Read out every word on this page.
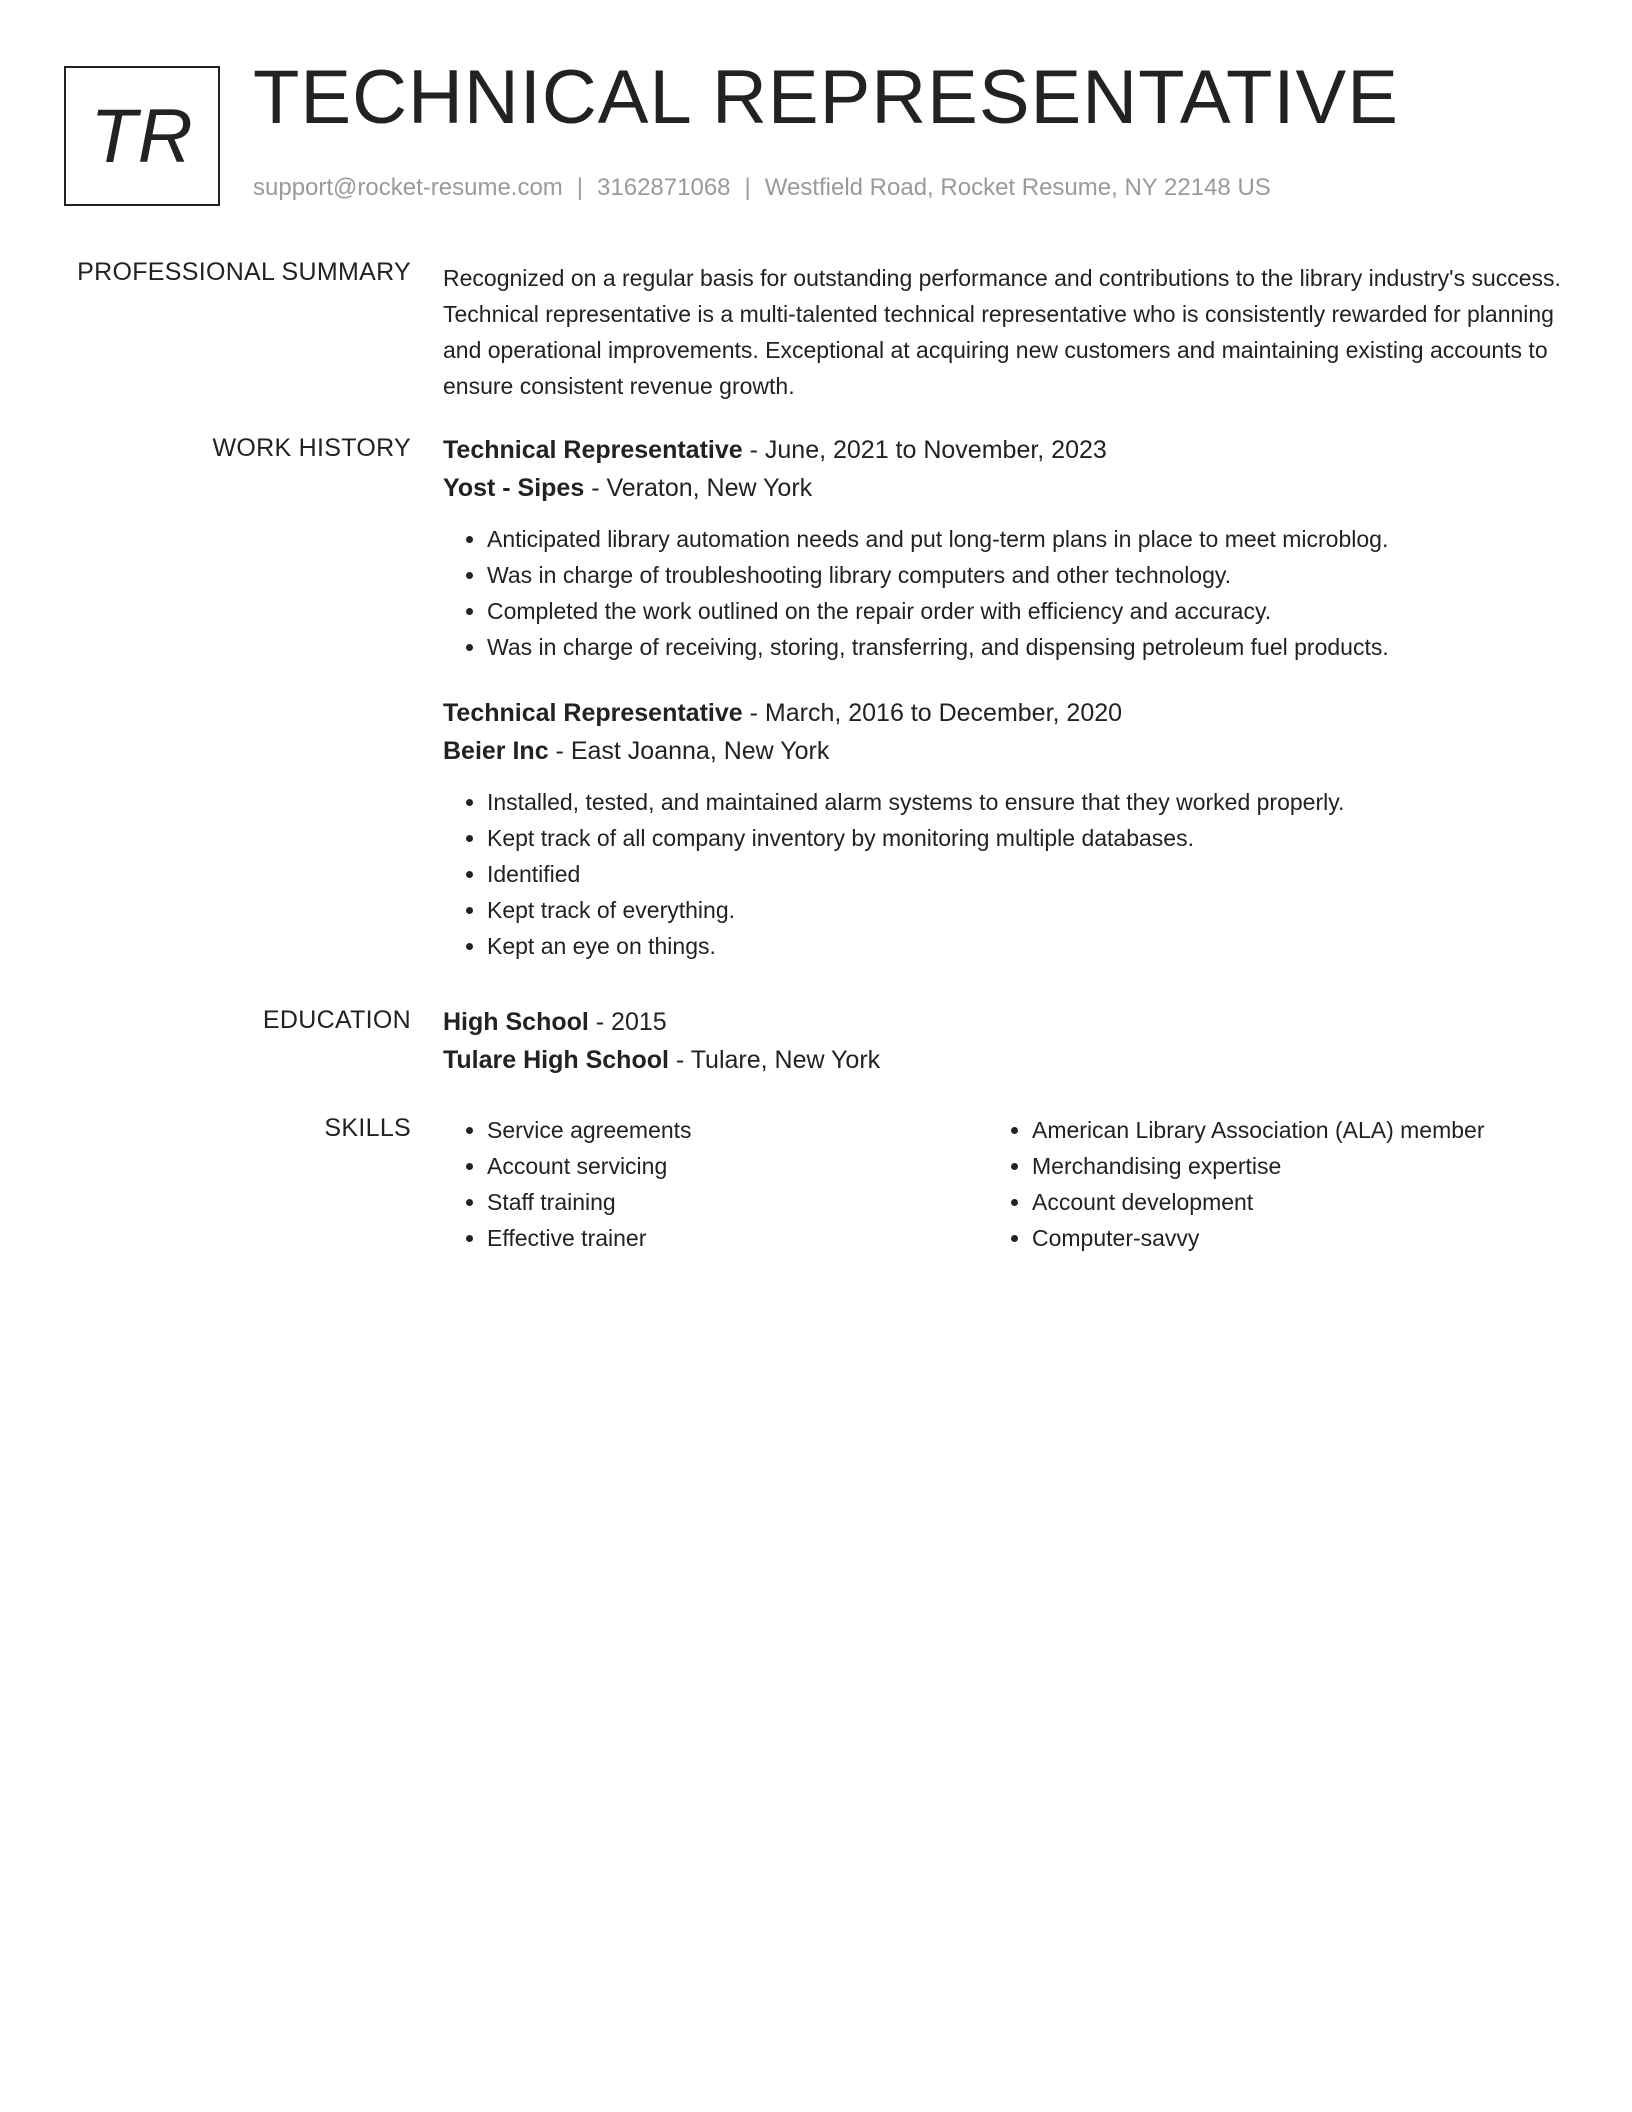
TR TECHNICAL REPRESENTATIVE
support@rocket-resume.com | 3162871068 | Westfield Road, Rocket Resume, NY 22148 US
PROFESSIONAL SUMMARY Recognized on a regular basis for outstanding performance and contributions to the library industry's success. Technical representative is a multi-talented technical representative who is consistently rewarded for planning and operational improvements. Exceptional at acquiring new customers and maintaining existing accounts to ensure consistent revenue growth.

WORK HISTORY Technical Representative - June, 2021 to November, 2023
Yost - Sipes - Veraton, New York
• Anticipated library automation needs and put long-term plans in place to meet microblog.
• Was in charge of troubleshooting library computers and other technology.
• Completed the work outlined on the repair order with efficiency and accuracy.
• Was in charge of receiving, storing, transferring, and dispensing petroleum fuel products.
Technical Representative - March, 2016 to December, 2020
Beier Inc - East Joanna, New York
• Installed, tested, and maintained alarm systems to ensure that they worked properly.
• Kept track of all company inventory by monitoring multiple databases.
• Identified
• Kept track of everything.
• Kept an eye on things.
EDUCATION High School - 2015
Tulare High School - Tulare, New York
SKILLS
•	Service agreements
• Account servicing
• Staff training
• Effective trainer
• American Library Association (ALA) member
• Merchandising expertise
• Account development
• Computer-savvy
